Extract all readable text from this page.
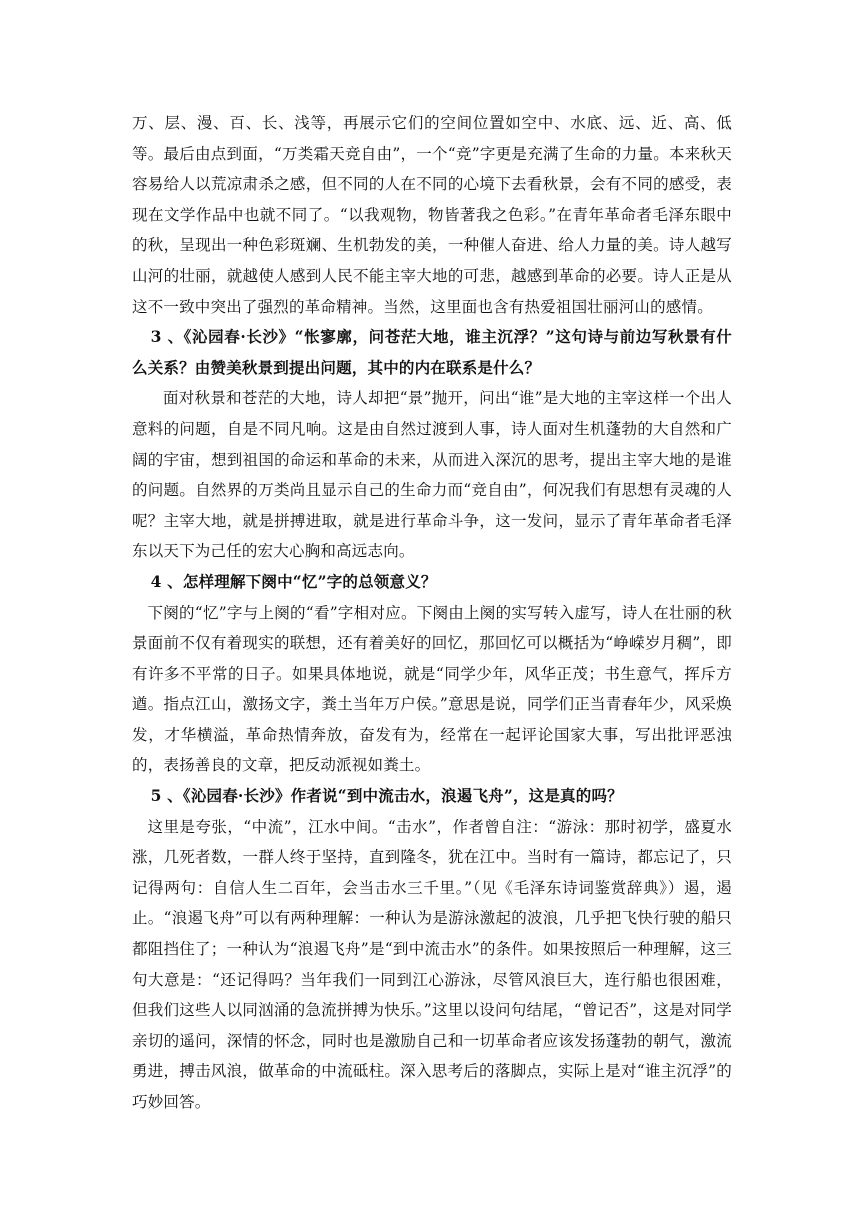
万、层、漫、百、长、浅等，再展示它们的空间位置如空中、水底、远、近、高、低等。最后由点到面，“万类霜天竞自由”，一个“竞”字更是充满了生命的力量。本来秋天容易给人以荒凉肃杀之感，但不同的人在不同的心境下去看秋景，会有不同的感受，表现在文学作品中也就不同了。“以我观物，物皆著我之色彩。”在青年革命者毛泽东眼中的秋，呈现出一种色彩斑斓、生机勃发的美，一种催人奋进、给人力量的美。诗人越写山河的壮丽，就越使人感到人民不能主宰大地的可悲，越感到革命的必要。诗人正是从这不一致中突出了强烈的革命精神。当然，这里面也含有热爱祖国壮丽河山的感情。

3 、《沁园春·长沙》“怅寥廓，问苍茫大地，谁主沉浮？”这句诗与前边写秋景有什么关系？由赞美秋景到提出问题，其中的内在联系是什么？

面对秋景和苍茫的大地，诗人却把“景”抛开，问出“谁”是大地的主宰这样一个出人意料的问题，自是不同凡响。这是由自然过渡到人事，诗人面对生机蓬勃的大自然和广阔的宇宙，想到祖国的命运和革命的未来，从而进入深沉的思考，提出主宰大地的是谁的问题。自然界的万类尚且显示自己的生命力而“竞自由”，何况我们有思想有灵魂的人呢？主宰大地，就是拼搏进取，就是进行革命斗争，这一发问，显示了青年革命者毛泽东以天下为己任的宏大心胸和高远志向。

4 、怎样理解下阕中“忆”字的总领意义？

下阕的“忆”字与上阕的“看”字相对应。下阕由上阕的实写转入虚写，诗人在壮丽的秋景面前不仅有着现实的联想，还有着美好的回忆，那回忆可以概括为“峥嵘岁月稠”，即有许多不平常的日子。如果具体地说，就是“同学少年，风华正茂；书生意气，挥斥方遒。指点江山，激扬文字，粪土当年万户侯。”意思是说，同学们正当青春年少，风采焕发，才华横溢，革命热情奔放，奋发有为，经常在一起评论国家大事，写出批评恶浊的，表扬善良的文章，把反动派视如粪土。

5 、《沁园春·长沙》作者说“到中流击水，浪遏飞舟”，这是真的吗？

这里是夸张，“中流”，江水中间。“击水”，作者曾自注：“游泳：那时初学，盛夏水涨，几死者数，一群人终于坚持，直到隆冬，犹在江中。当时有一篇诗，都忘记了，只记得两句：自信人生二百年，会当击水三千里。”（见《毛泽东诗词鉴赏辞典》）遏，遏止。“浪遏飞舟”可以有两种理解：一种认为是游泳激起的波浪，几乎把飞快行驶的船只都阻挡住了；一种认为“浪遏飞舟”是“到中流击水”的条件。如果按照后一种理解，这三句大意是：“还记得吗？当年我们一同到江心游泳，尽管风浪巨大，连行船也很困难，但我们这些人以同汹涌的急流拼搏为快乐。”这里以设问句结尾，“曾记否”，这是对同学亲切的遥问，深情的怀念，同时也是激励自己和一切革命者应该发扬蓬勃的朝气，激流勇进，搏击风浪，做革命的中流砥柱。深入思考后的落脚点，实际上是对“谁主沉浮”的巧妙回答。
